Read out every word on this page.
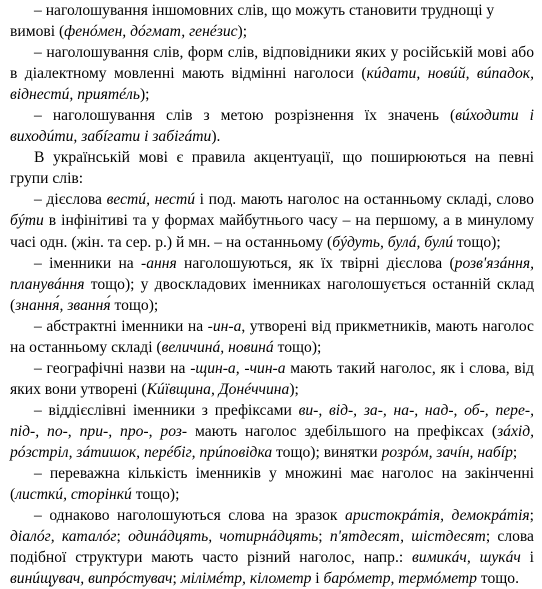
– наголошування іншомовних слів, що можуть становити труднощі у

вимові (фенóмен, дóгмат, генéзис);

– наголошування слів, форм слів, відповідники яких у російській мові або в діалектному мовленні мають відмінні наголоси (кúдати, новúй, вúпадок, віднестú, приятéль);

– наголошування слів з метою розрізнення їх значень (вúходити і виходúти, забíгати і забігáти).

В українській мові є правила акцентуації, що поширюються на певні групи слів:

– дієслова вестú, нестú і под. мають наголос на останньому складі, слово бýти в інфінітиві та у формах майбутнього часу – на першому, а в минулому часі одн. (жін. та сер. р.) й мн. – на останньому (бýдуть, булá, булú тощо);

– іменники на -ання наголошуються, як їх твірні дієслова (розв'язáння, планувáння тощо); у двоскладових іменниках наголошується останній склад (знання́, звання́ тощо);

– абстрактні іменники на -ин-а, утворені від прикметників, мають наголос на останньому складі (величинá, новинá тощо);

– географічні назви на -щин-а, -чин-а мають такий наголос, як і слова, від яких вони утворені (Кúївщина, Донéччина);

– віддієслівні іменники з префіксами ви-, від-, за-, на-, над-, об-, пере-, під-, по-, при-, про-, роз- мають наголос здебільшого на префіксах (зáхід, рóзстріл, зáтишок, перéбіг, прúповідка тощо); винятки розрóм, зачíн, набíр;

– переважна кількість іменників у множині має наголос на закінченні (листкú, сторінкú тощо);

– однаково наголошуються слова на зразок аристокрáтія, демокрáтія; діалóг, каталóг; одинáдцять, чотирнáдцять; п'ятдесят, шістдесят; слова подібної структури мають часто різний наголос, напр.: вимикáч, шукáч і винúщувач, випрóстувач; мілімéтр, кілометр і барóметр, термóметр тощо.
